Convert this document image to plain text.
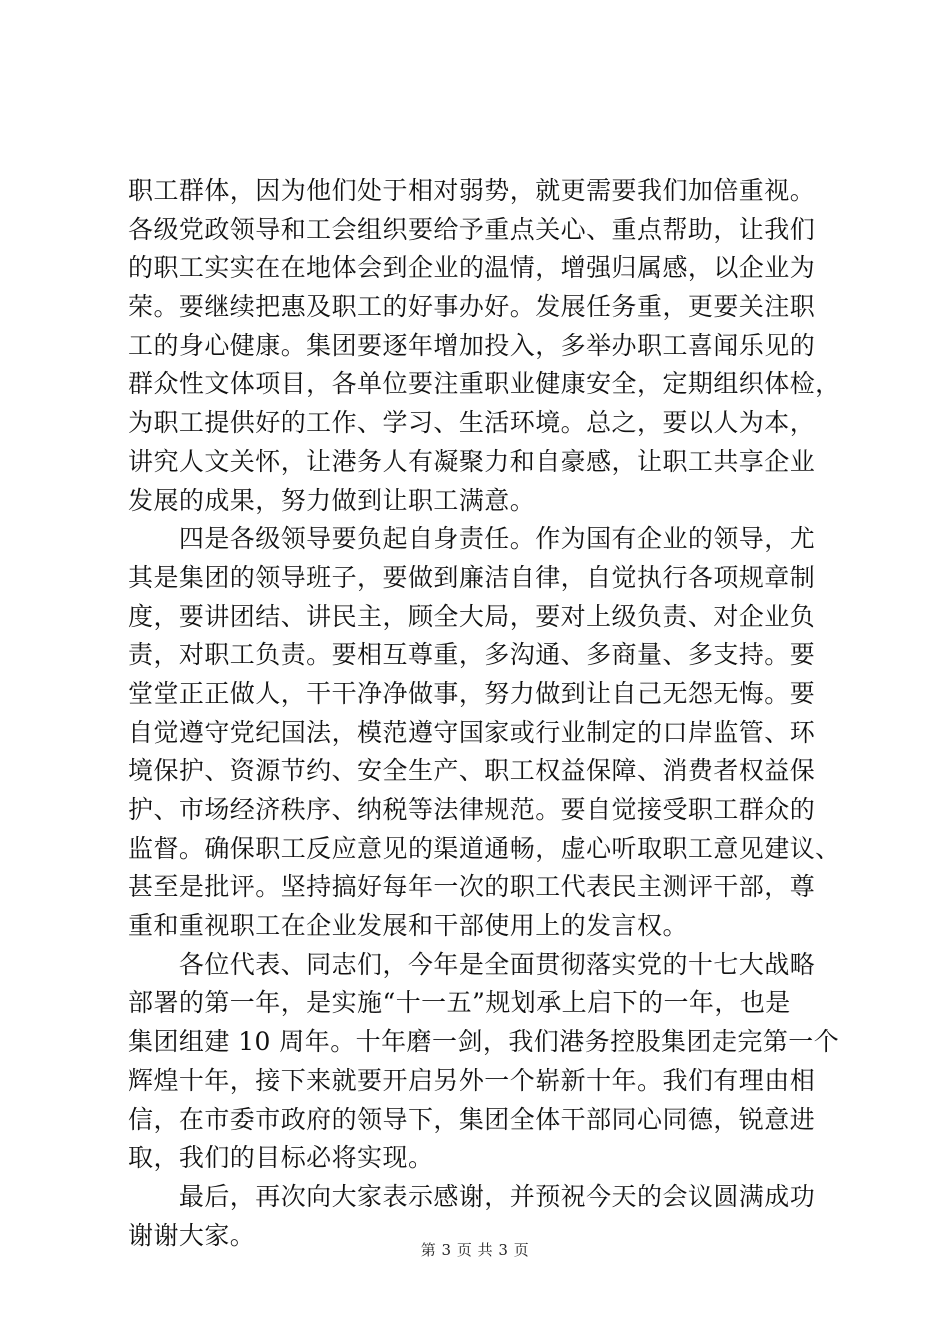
职工群体，因为他们处于相对弱势，就更需要我们加倍重视。
各级党政领导和工会组织要给予重点关心、重点帮助，让我们
的职工实实在在地体会到企业的温情，增强归属感，以企业为
荣。要继续把惠及职工的好事办好。发展任务重，更要关注职
工的身心健康。集团要逐年增加投入，多举办职工喜闻乐见的
群众性文体项目，各单位要注重职业健康安全，定期组织体检，
为职工提供好的工作、学习、生活环境。总之，要以人为本，
讲究人文关怀，让港务人有凝聚力和自豪感，让职工共享企业
发展的成果，努力做到让职工满意。
　　四是各级领导要负起自身责任。作为国有企业的领导，尤
其是集团的领导班子，要做到廉洁自律，自觉执行各项规章制
度，要讲团结、讲民主，顾全大局，要对上级负责、对企业负
责，对职工负责。要相互尊重，多沟通、多商量、多支持。要
堂堂正正做人，干干净净做事，努力做到让自己无怨无悔。要
自觉遵守党纪国法，模范遵守国家或行业制定的口岸监管、环
境保护、资源节约、安全生产、职工权益保障、消费者权益保
护、市场经济秩序、纳税等法律规范。要自觉接受职工群众的
监督。确保职工反应意见的渠道通畅，虚心听取职工意见建议、
甚至是批评。坚持搞好每年一次的职工代表民主测评干部，尊
重和重视职工在企业发展和干部使用上的发言权。
　　各位代表、同志们，今年是全面贯彻落实党的十七大战略
部署的第一年，是实施“十一五”规划承上启下的一年，也是
集团组建 10 周年。十年磨一剑，我们港务控股集团走完第一个
辉煌十年，接下来就要开启另外一个崭新十年。我们有理由相
信，在市委市政府的领导下，集团全体干部同心同德，锐意进
取，我们的目标必将实现。
　　最后，再次向大家表示感谢，并预祝今天的会议圆满成功
谢谢大家。
第 3 页 共 3 页
